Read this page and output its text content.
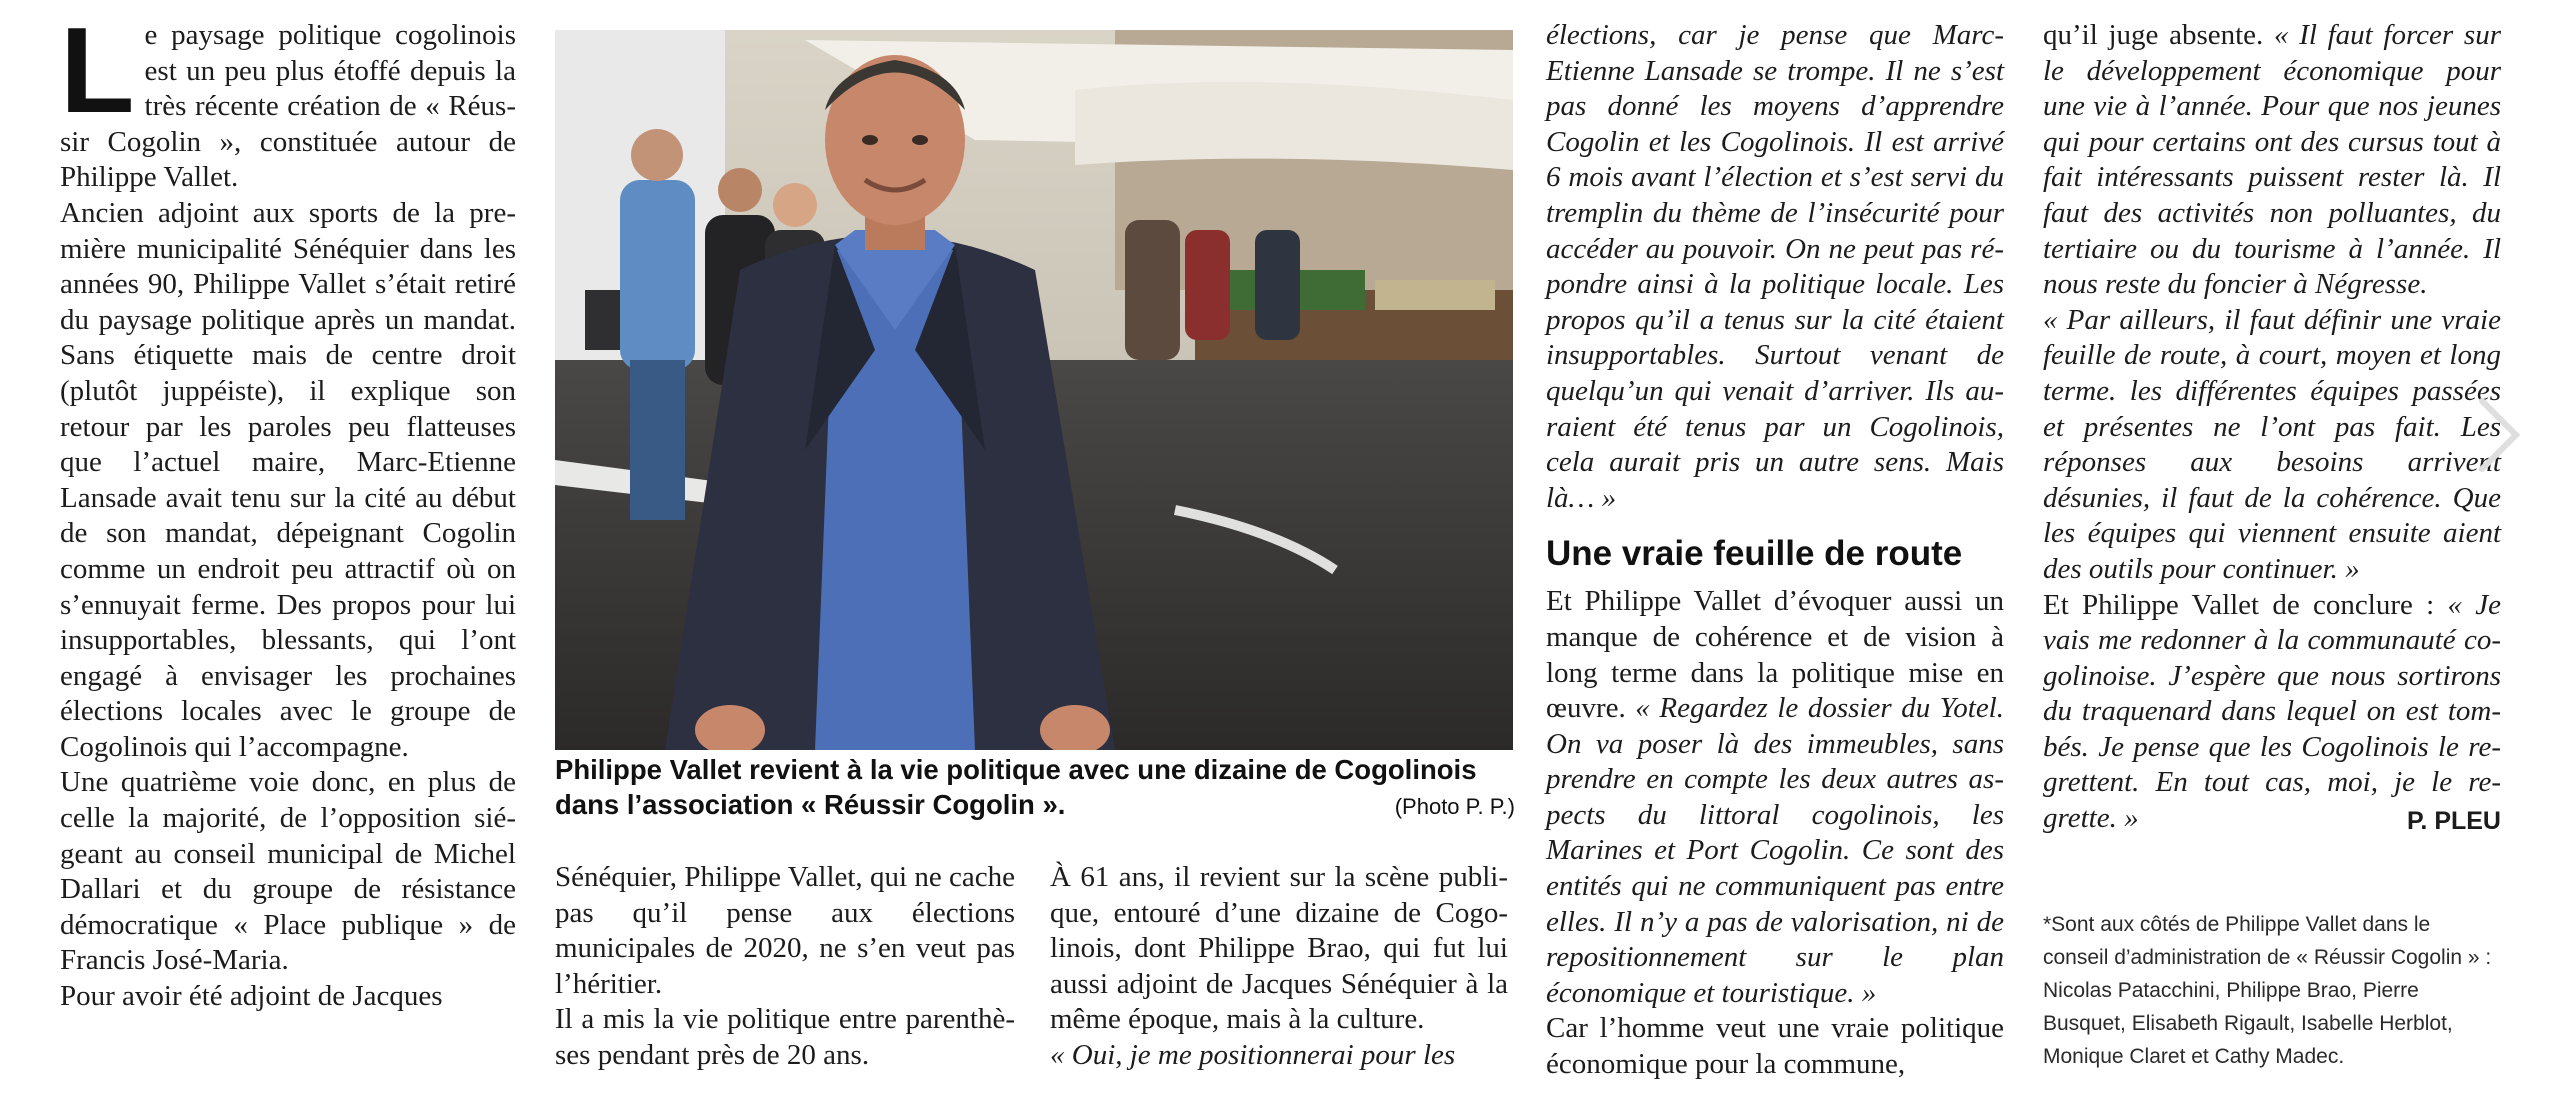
Le paysage politique cogolinois est un peu plus étoffé depuis la très récente création de « Réussir Cogolin », constituée autour de Philippe Vallet.

Ancien adjoint aux sports de la première municipalité Sénéquier dans les années 90, Philippe Vallet s’était retiré du paysage politique après un mandat. Sans étiquette mais de centre droit (plutôt juppéiste), il explique son retour par les paroles peu flatteuses que l’actuel maire, Marc-Etienne Lansade avait tenu sur la cité au début de son mandat, dépeignant Cogolin comme un endroit peu attractif où on s’ennuyait ferme. Des propos pour lui insupportables, blessants, qui l’ont engagé à envisager les prochaines élections locales avec le groupe de Cogolinois qui l’accompagne.

Une quatrième voie donc, en plus de celle la majorité, de l’opposition siégeant au conseil municipal de Michel Dallari et du groupe de résistance démocratique « Place publique » de Francis José-Maria.

Pour avoir été adjoint de Jacques

Philippe Vallet revient à la vie politique avec une dizaine de Cogolinois dans l’association « Réussir Cogolin ».	(Photo P. P.)

Sénéquier, Philippe Vallet, qui ne cache pas qu’il pense aux élections municipales de 2020, ne s’en veut pas l’héritier.

Il a mis la vie politique entre parenthèses pendant près de 20 ans.

À 61 ans, il revient sur la scène publique, entouré d’une dizaine de Cogolinois, dont Philippe Brao, qui fut lui aussi adjoint de Jacques Sénéquier à la même époque, mais à la culture.

« Oui, je me positionnerai pour les

élections, car je pense que Marc-Etienne Lansade se trompe. Il ne s’est pas donné les moyens d’apprendre Cogolin et les Cogolinois. Il est arrivé 6 mois avant l’élection et s’est servi du tremplin du thème de l’insécurité pour accéder au pouvoir. On ne peut pas répondre ainsi à la politique locale. Les propos qu’il a tenus sur la cité étaient insupportables. Surtout venant de quelqu’un qui venait d’arriver. Ils auraient été tenus par un Cogolinois, cela aurait pris un autre sens. Mais là… »

Une vraie feuille de route

Et Philippe Vallet d’évoquer aussi un manque de cohérence et de vision à long terme dans la politique mise en œuvre. « Regardez le dossier du Yotel. On va poser là des immeubles, sans prendre en compte les deux autres aspects du littoral cogolinois, les Marines et Port Cogolin. Ce sont des entités qui ne communiquent pas entre elles. Il n’y a pas de valorisation, ni de repositionnement sur le plan économique et touristique. »

Car l’homme veut une vraie politique économique pour la commune,

qu’il juge absente. « Il faut forcer sur le développement économique pour une vie à l’année. Pour que nos jeunes qui pour certains ont des cursus tout à fait intéressants puissent rester là. Il faut des activités non polluantes, du tertiaire ou du tourisme à l’année. Il nous reste du foncier à Négresse.

« Par ailleurs, il faut définir une vraie feuille de route, à court, moyen et long terme. les différentes équipes passées et présentes ne l’ont pas fait. Les réponses aux besoins arrivent désunies, il faut de la cohérence. Que les équipes qui viennent ensuite aient des outils pour continuer. »

Et Philippe Vallet de conclure : « Je vais me redonner à la communauté cogolinoise. J’espère que nous sortirons du traquenard dans lequel on est tombés. Je pense que les Cogolinois le regrettent. En tout cas, moi, je le regrette. »	P. PLEU

*Sont aux côtés de Philippe Vallet dans le conseil d’administration de « Réussir Cogolin » : Nicolas Patacchini, Philippe Brao, Pierre Busquet, Elisabeth Rigault, Isabelle Herblot, Monique Claret et Cathy Madec.
